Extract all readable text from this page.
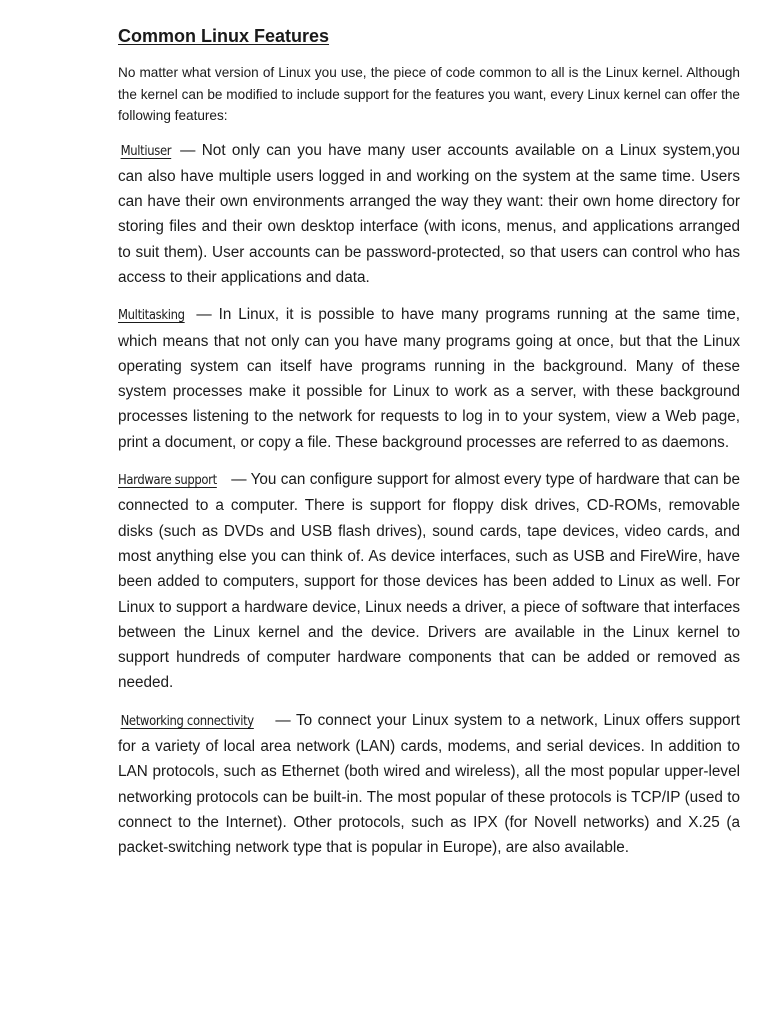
Common Linux Features

No matter what version of Linux you use, the piece of code common to all is the Linux kernel. Although the kernel can be modified to include support for the features you want, every Linux kernel can offer the following features:

Multiuser — Not only can you have many user accounts available on a Linux system,you can also have multiple users logged in and working on the system at the same time. Users can have their own environments arranged the way they want: their own home directory for storing files and their own desktop interface (with icons, menus, and applications arranged to suit them). User accounts can be password-protected, so that users can control who has access to their applications and data.

Multitasking — In Linux, it is possible to have many programs running at the same time, which means that not only can you have many programs going at once, but that the Linux operating system can itself have programs running in the background. Many of these system processes make it possible for Linux to work as a server, with these background processes listening to the network for requests to log in to your system, view a Web page, print a document, or copy a file. These background processes are referred to as daemons.

Hardware support — You can configure support for almost every type of hardware that can be connected to a computer. There is support for floppy disk drives, CD-ROMs, removable disks (such as DVDs and USB flash drives), sound cards, tape devices, video cards, and most anything else you can think of. As device interfaces, such as USB and FireWire, have been added to computers, support for those devices has been added to Linux as well. For Linux to support a hardware device, Linux needs a driver, a piece of software that interfaces between the Linux kernel and the device. Drivers are available in the Linux kernel to support hundreds of computer hardware components that can be added or removed as needed.

Networking connectivity — To connect your Linux system to a network, Linux offers support for a variety of local area network (LAN) cards, modems, and serial devices. In addition to LAN protocols, such as Ethernet (both wired and wireless), all the most popular upper-level networking protocols can be built-in. The most popular of these protocols is TCP/IP (used to connect to the Internet). Other protocols, such as IPX (for Novell networks) and X.25 (a packet-switching network type that is popular in Europe), are also available.
